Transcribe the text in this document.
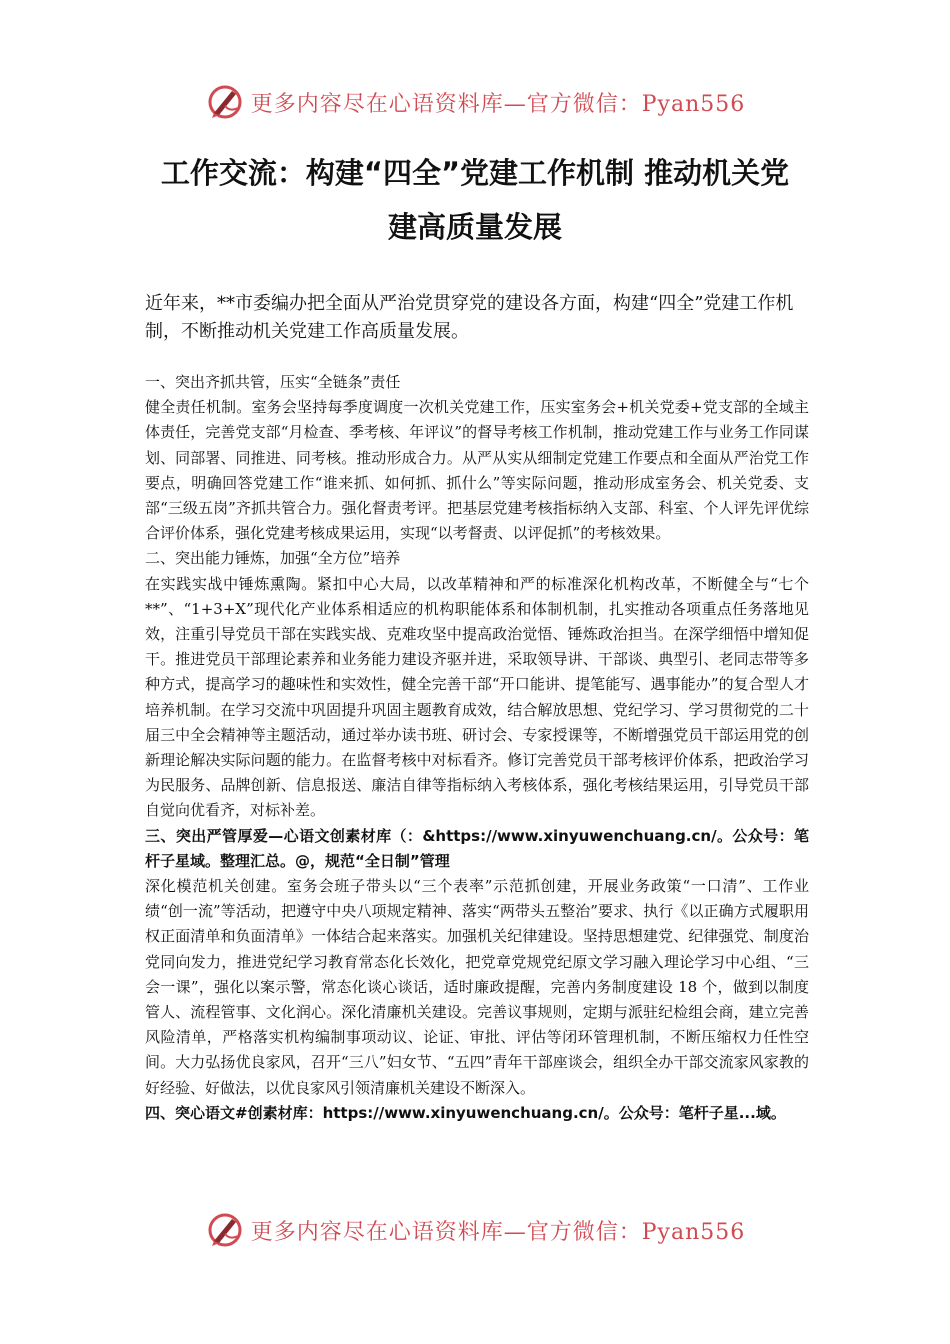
更多内容尽在心语资料库—官方微信：Pyan556
工作交流：构建“四全”党建工作机制 推动机关党
建高质量发展

近年来，**市委编办把全面从严治党贯穿党的建设各方面，构建“四全”党建工作机制，不断推动机关党建工作高质量发展。

一、突出齐抓共管，压实“全链条”责任

健全责任机制。室务会坚持每季度调度一次机关党建工作，压实室务会+机关党委+党支部的全域主体责任，完善党支部“月检查、季考核、年评议”的督导考核工作机制，推动党建工作与业务工作同谋划、同部署、同推进、同考核。推动形成合力。从严从实从细制定党建工作要点和全面从严治党工作要点，明确回答党建工作“谁来抓、如何抓、抓什么”等实际问题，推动形成室务会、机关党委、支部“三级五岗”齐抓共管合力。强化督责考评。把基层党建考核指标纳入支部、科室、个人评先评优综合评价体系，强化党建考核成果运用，实现“以考督责、以评促抓”的考核效果。

二、突出能力锤炼，加强“全方位”培养

在实践实战中锤炼熏陶。紧扣中心大局，以改革精神和严的标准深化机构改革，不断健全与“七个**”、“1+3+X”现代化产业体系相适应的机构职能体系和体制机制，扎实推动各项重点任务落地见效，注重引导党员干部在实践实战、克难攻坚中提高政治觉悟、锤炼政治担当。在深学细悟中增知促干。推进党员干部理论素养和业务能力建设齐驱并进，采取领导讲、干部谈、典型引、老同志带等多种方式，提高学习的趣味性和实效性，健全完善干部“开口能讲、提笔能写、遇事能办”的复合型人才培养机制。在学习交流中巩固提升巩固主题教育成效，结合解放思想、党纪学习、学习贯彻党的二十届三中全会精神等主题活动，通过举办读书班、研讨会、专家授课等，不断增强党员干部运用党的创新理论解决实际问题的能力。在监督考核中对标看齐。修订完善党员干部考核评价体系，把政治学习为民服务、品牌创新、信息报送、廉洁自律等指标纳入考核体系，强化考核结果运用，引导党员干部自觉向优看齐，对标补差。

三、突出严管厚爱—心语文创素材库（：&https://www.xinyuwenchuang.cn/。公众号：笔杆子星域。整理汇总。@，规范“全日制”管理

深化模范机关创建。室务会班子带头以“三个表率”示范抓创建，开展业务政策“一口清”、工作业绩“创一流”等活动，把遵守中央八项规定精神、落实“两带头五整治”要求、执行《以正确方式履职用权正面清单和负面清单》一体结合起来落实。加强机关纪律建设。坚持思想建党、纪律强党、制度治党同向发力，推进党纪学习教育常态化长效化，把党章党规党纪原文学习融入理论学习中心组、“三会一课”，强化以案示警，常态化谈心谈话，适时廉政提醒，完善内务制度建设 18 个，做到以制度管人、流程管事、文化润心。深化清廉机关建设。完善议事规则，定期与派驻纪检组会商，建立完善风险清单，严格落实机构编制事项动议、论证、审批、评估等闭环管理机制，不断压缩权力任性空间。大力弘扬优良家风，召开“三八”妇女节、“五四”青年干部座谈会，组织全办干部交流家风家教的好经验、好做法，以优良家风引领清廉机关建设不断深入。

四、突心语文#创素材库：https://www.xinyuwenchuang.cn/。公众号：笔杆子星...域。

更多内容尽在心语资料库—官方微信：Pyan556
